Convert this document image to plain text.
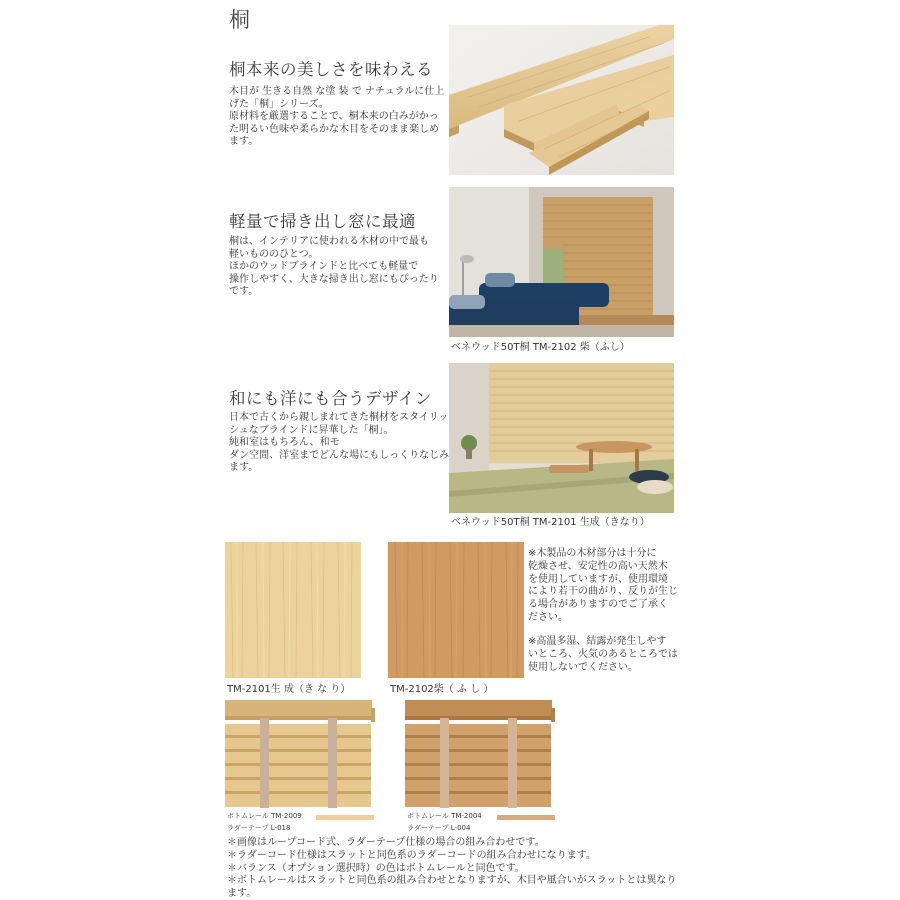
桐
桐本来の美しさを味わえる
木目が 生きる自然 な塗 装 で ナチュラルに仕上
げた「桐」シリーズ。
原材料を厳選することで、桐本来の白みがかっ
た明るい色味や柔らかな木目をそのまま楽しめ
ます。
軽量で掃き出し窓に最適
桐は、インテリアに使われる木材の中で最も
軽いもののひとつ。
ほかのウッドブラインドと比べても軽量で
操作しやすく、大きな掃き出し窓にもぴったり
です。
ベネウッド50T桐 TM-2102 柴（ふし）
和にも洋にも合うデザイン
日本で古くから親しまれてきた桐材をスタイリッ
シュなブラインドに昇華した「桐」。
純和室はもちろん、和モ
ダン空間、洋室までどんな場にもしっくりなじみ
ます。
ベネウッド50T桐 TM-2101 生成（きなり）
TM-2101生 成（き な り）	TM-2102柴（ ふ し ）
※木製品の木材部分は十分に
乾燥させ、安定性の高い天然木
を使用していますが、使用環境
により若干の曲がり、反りが生じ
る場合がありますのでご了承く
ださい。
※高温多湿、結露が発生しやす
いところ、火気のあるところでは
使用しないでください。
ボトムレール TM-2009
ラダーテープ L-018
ボトムレール TM-2004
ラダーテープ L-004
＊画像はループコード式、ラダーテープ仕様の場合の組み合わせです。
＊ラダーコード仕様はスラットと同色系のラダーコードの組み合わせになります。
＊バランス（オプション選択時）の色はボトムレールと同色です。
＊ボトムレールはスラットと同色系の組み合わせとなりますが、木目や風合いがスラットとは異なり
ます。
